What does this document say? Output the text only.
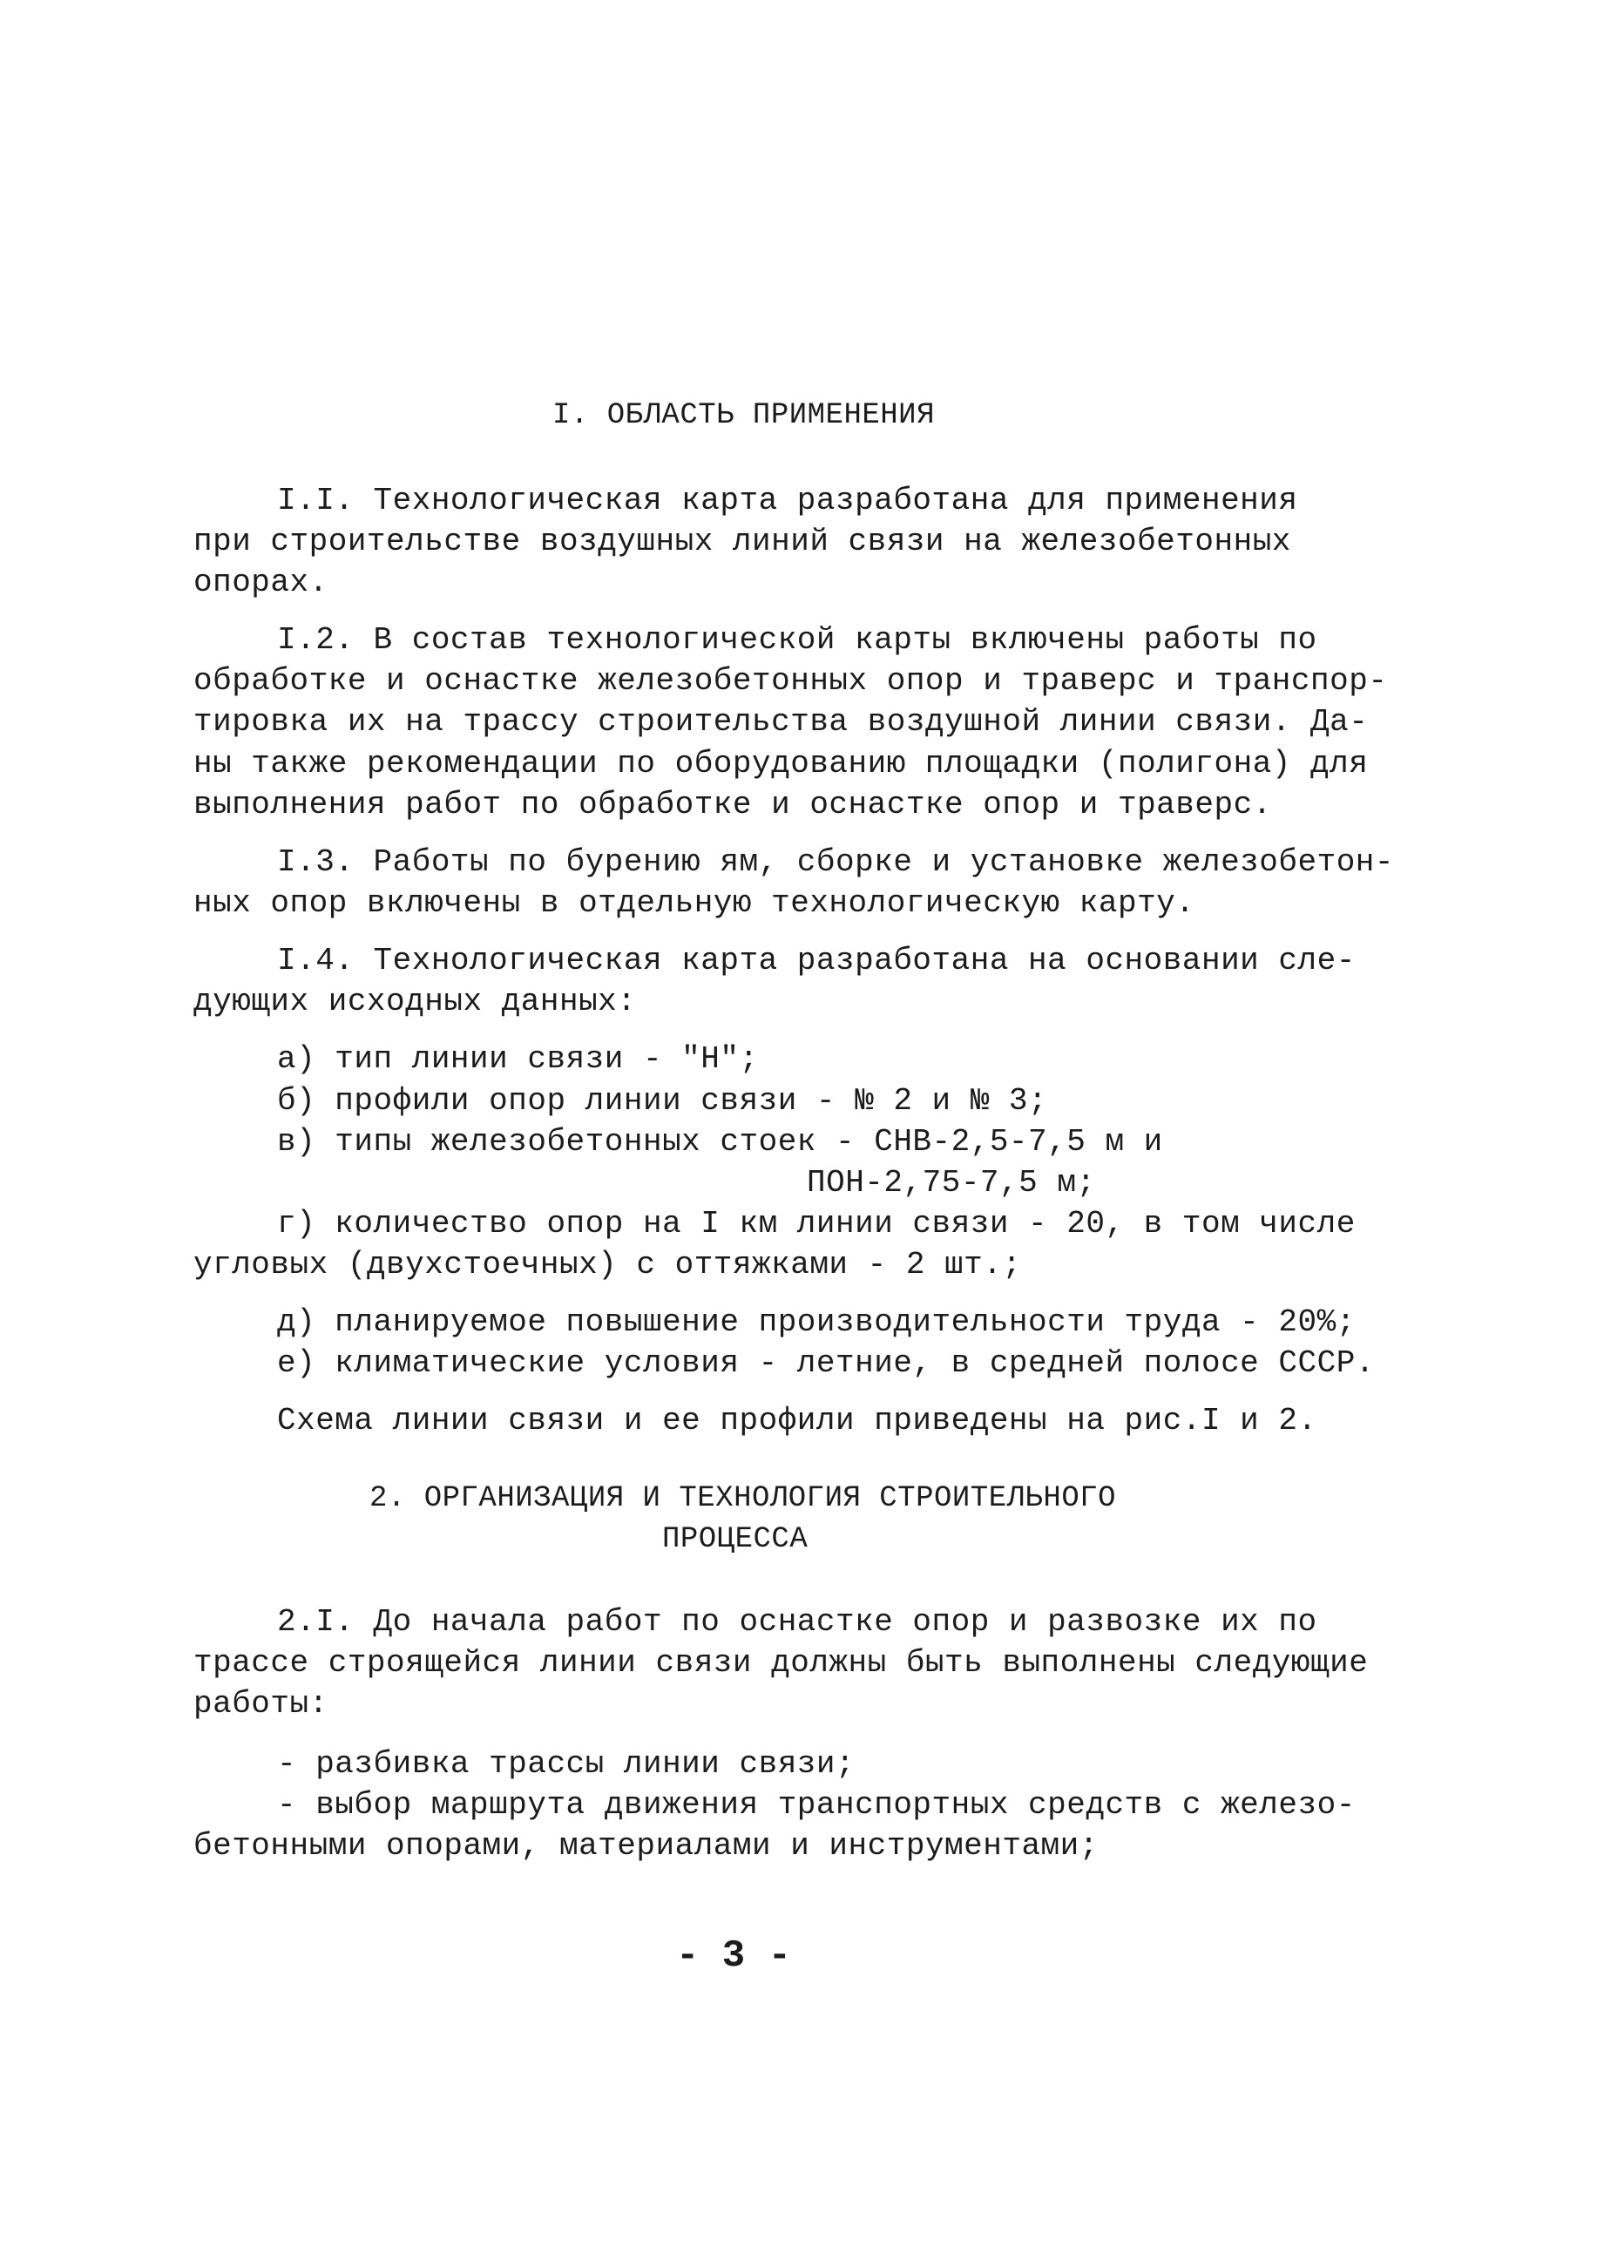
I. ОБЛАСТЬ ПРИМЕНЕНИЯ
I.I. Технологическая карта разработана для применения
при строительстве воздушных линий связи на железобетонных
опорах.
I.2. В состав технологической карты включены работы по
обработке и оснастке железобетонных опор и траверс и транспор-
тировка их на трассу строительства воздушной линии связи. Да-
ны также рекомендации по оборудованию площадки (полигона) для
выполнения работ по обработке и оснастке опор и траверс.
I.3. Работы по бурению ям, сборке и установке железобетон-
ных опор включены в отдельную технологическую карту.
I.4. Технологическая карта разработана на основании сле-
дующих исходных данных:
а) тип линии связи - "Н";
б) профили опор линии связи - № 2 и № 3;
в) типы железобетонных стоек - СНВ-2,5-7,5 м и
ПОН-2,75-7,5 м;
г) количество опор на I км линии связи - 20, в том числе
угловых (двухстоечных) с оттяжками - 2 шт.;
д) планируемое повышение производительности труда - 20%;
е) климатические условия - летние, в средней полосе СССР.
Схема линии связи и ее профили приведены на рис.I и 2.
2. ОРГАНИЗАЦИЯ И ТЕХНОЛОГИЯ СТРОИТЕЛЬНОГО
ПРОЦЕССА
2.I. До начала работ по оснастке опор и развозке их по
трассе строящейся линии связи должны быть выполнены следующие
работы:
- разбивка трассы линии связи;
- выбор маршрута движения транспортных средств с железо-
бетонными опорами, материалами и инструментами;
- 3 -
